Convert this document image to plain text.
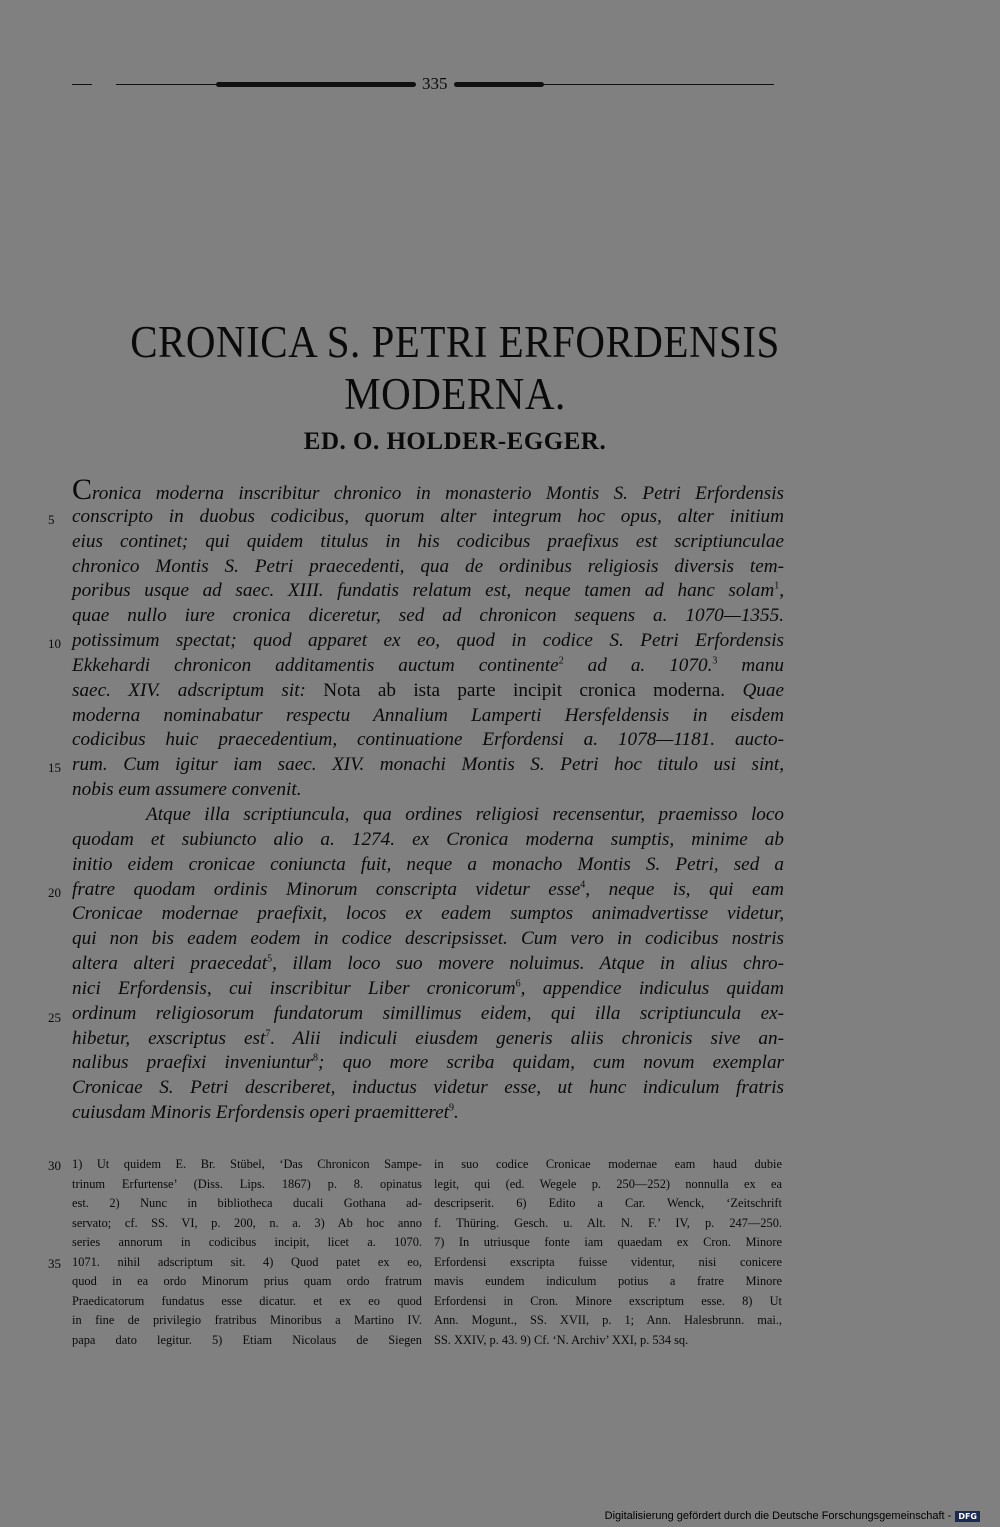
335
CRONICA S. PETRI ERFORDENSIS
MODERNA.
ED. O. HOLDER-EGGER.
5
10
15
20
25
Cronica moderna inscribitur chronico in monasterio Montis S. Petri Erfordensis
conscripto in duobus codicibus, quorum alter integrum hoc opus, alter initium
eius continet; qui quidem titulus in his codicibus praefixus est scriptiunculae
chronico Montis S. Petri praecedenti, qua de ordinibus religiosis diversis tem-
poribus usque ad saec. XIII. fundatis relatum est, neque tamen ad hanc solam$^1$,
quae nullo iure cronica diceretur, sed ad chronicon sequens a. 1070—1355.
potissimum spectat; quod apparet ex eo, quod in codice S. Petri Erfordensis
Ekkehardi chronicon additamentis auctum continente$^2$ ad a. 1070.$^3$ manu
saec. XIV. adscriptum sit: Nota ab ista parte incipit cronica moderna. Quae
moderna nominabatur respectu Annalium Lamperti Hersfeldensis in eisdem
codicibus huic praecedentium, continuatione Erfordensi a. 1078—1181. aucto-
rum. Cum igitur iam saec. XIV. monachi Montis S. Petri hoc titulo usi sint,
nobis eum assumere convenit.
Atque illa scriptiuncula, qua ordines religiosi recensentur, praemisso loco
quodam et subiuncto alio a. 1274. ex Cronica moderna sumptis, minime ab
initio eidem cronicae coniuncta fuit, neque a monacho Montis S. Petri, sed a
fratre quodam ordinis Minorum conscripta videtur esse$^4$, neque is, qui eam
Cronicae modernae praefixit, locos ex eadem sumptos animadvertisse videtur,
qui non bis eadem eodem in codice descripsisset. Cum vero in codicibus nostris
altera alteri praecedat$^5$, illam loco suo movere noluimus. Atque in alius chro-
nici Erfordensis, cui inscribitur Liber cronicorum$^6$, appendice indiculus quidam
ordinum religiosorum fundatorum simillimus eidem, qui illa scriptiuncula ex-
hibetur, exscriptus est$^7$. Alii indiculi eiusdem generis aliis chronicis sive an-
nalibus praefixi inveniuntur$^8$; quo more scriba quidam, cum novum exemplar
Cronicae S. Petri describeret, inductus videtur esse, ut hunc indiculum fratris
cuiusdam Minoris Erfordensis operi praemitteret$^9$.
30
35
1) Ut quidem E. Br. Stübel, ‘Das Chronicon Sampe-
trinum Erfurtense’ (Diss. Lips. 1867) p. 8. opinatus
est. 2) Nunc in bibliotheca ducali Gothana ad-
servato; cf. SS. VI, p. 200, n. a. 3) Ab hoc anno
series annorum in codicibus incipit, licet a. 1070.
1071. nihil adscriptum sit. 4) Quod patet ex eo,
quod in ea ordo Minorum prius quam ordo fratrum
Praedicatorum fundatus esse dicatur. et ex eo quod
in fine de privilegio fratribus Minoribus a Martino IV.
papa dato legitur. 5) Etiam Nicolaus de Siegen
in suo codice Cronicae modernae eam haud dubie
legit, qui (ed. Wegele p. 250—252) nonnulla ex ea
descripserit. 6) Edito a Car. Wenck, ‘Zeitschrift
f. Thüring. Gesch. u. Alt. N. F.’ IV, p. 247—250.
7) In utriusque fonte iam quaedam ex Cron. Minore
Erfordensi exscripta fuisse videntur, nisi conicere
mavis eundem indiculum potius a fratre Minore
Erfordensi in Cron. Minore exscriptum esse. 8) Ut
Ann. Mogunt., SS. XVII, p. 1; Ann. Halesbrunn. mai.,
SS. XXIV, p. 43. 9) Cf. ‘N. Archiv’ XXI, p. 534 sq.
Digitalisierung gefördert durch die Deutsche Forschungsgemeinschaft - DFG
